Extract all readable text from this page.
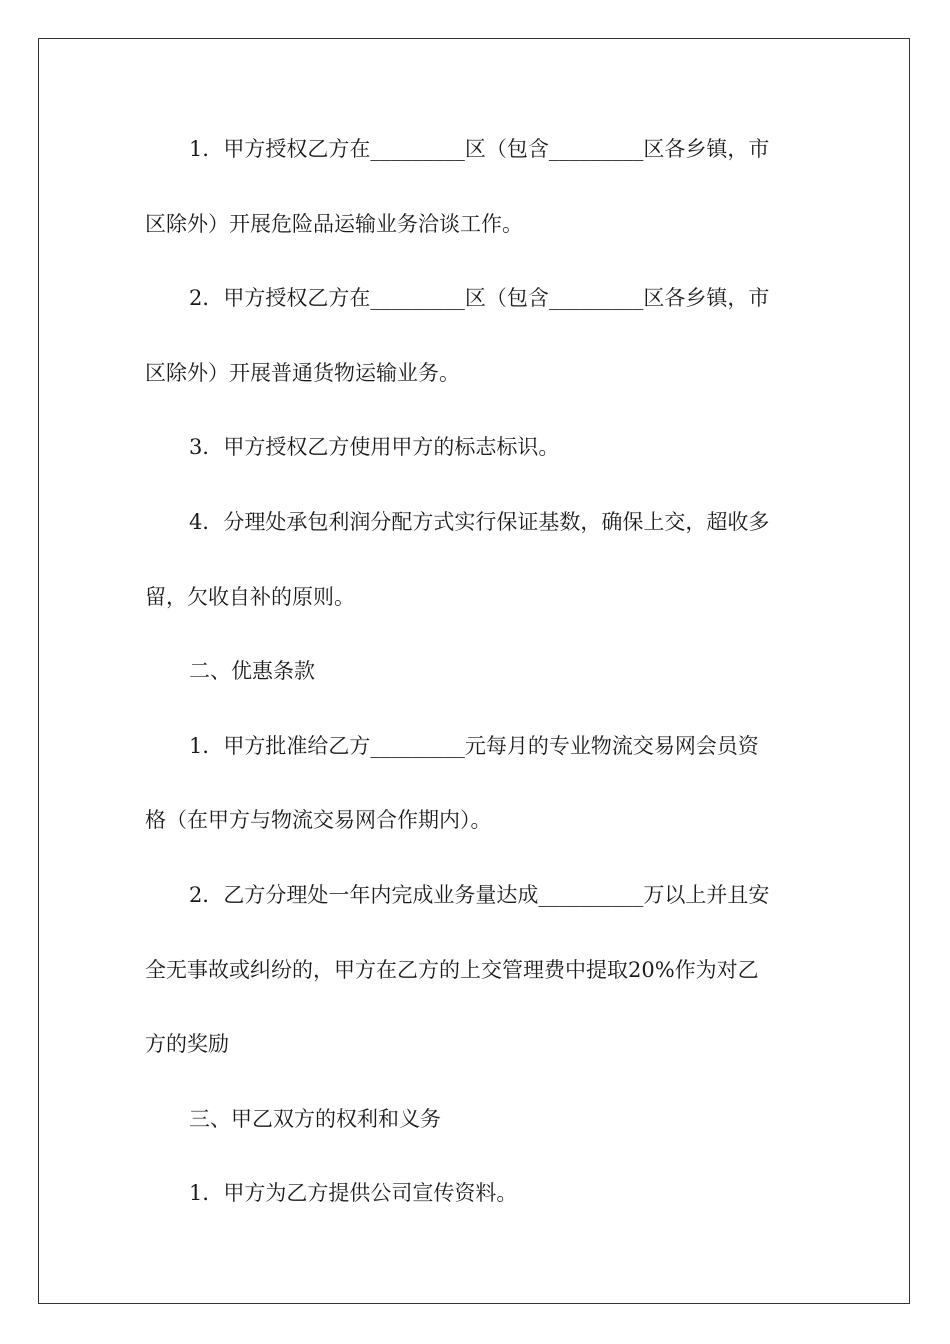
1．甲方授权乙方在_________区（包含_________区各乡镇，市
区除外）开展危险品运输业务洽谈工作。
2．甲方授权乙方在_________区（包含_________区各乡镇，市
区除外）开展普通货物运输业务。
3．甲方授权乙方使用甲方的标志标识。
4．分理处承包利润分配方式实行保证基数，确保上交，超收多
留，欠收自补的原则。
二、优惠条款
1．甲方批准给乙方_________元每月的专业物流交易网会员资
格（在甲方与物流交易网合作期内）。
2．乙方分理处一年内完成业务量达成__________万以上并且安
全无事故或纠纷的，甲方在乙方的上交管理费中提取20%作为对乙
方的奖励
三、甲乙双方的权利和义务
1．甲方为乙方提供公司宣传资料。
